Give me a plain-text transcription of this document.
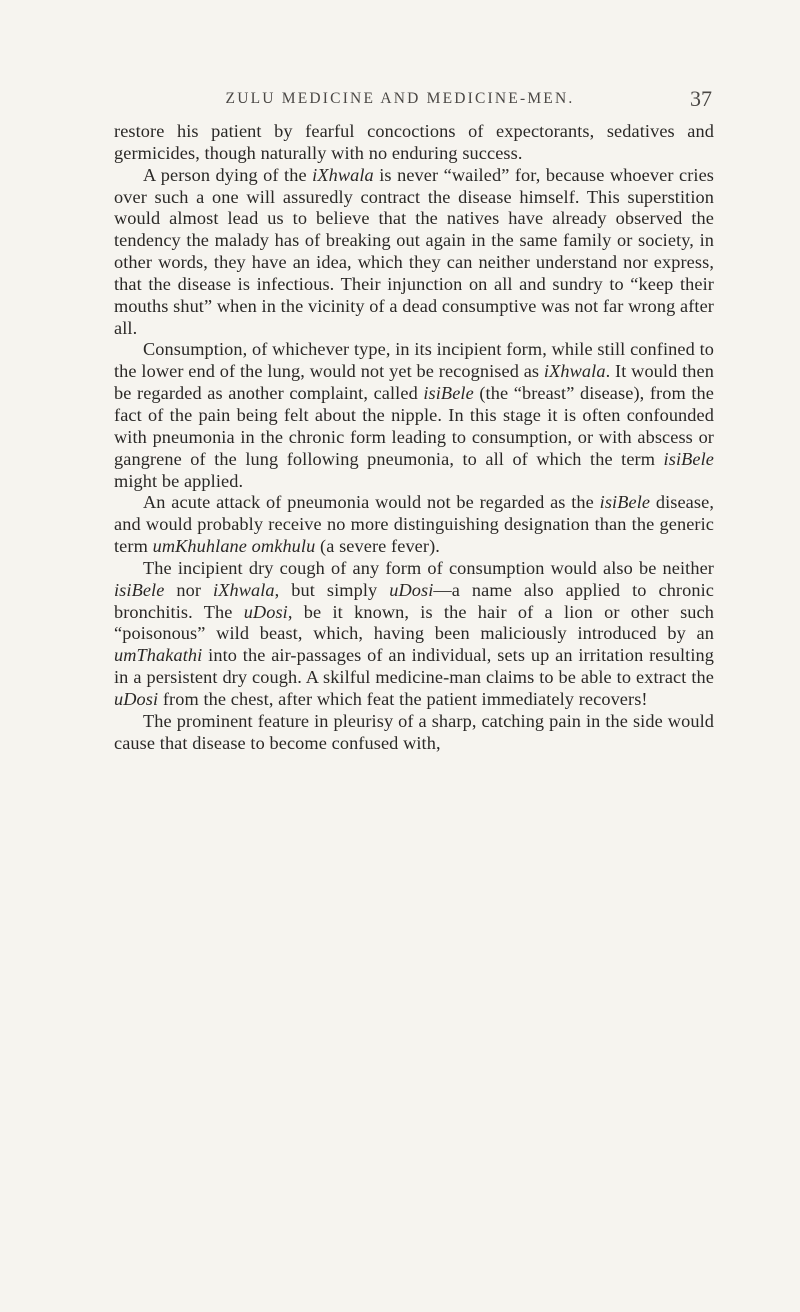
ZULU MEDICINE AND MEDICINE-MEN.	37

restore his patient by fearful concoctions of expectorants, sedatives and germicides, though naturally with no enduring success.

A person dying of the iXhwala is never “wailed” for, because whoever cries over such a one will assuredly contract the disease himself. This superstition would almost lead us to believe that the natives have already observed the tendency the malady has of breaking out again in the same family or society, in other words, they have an idea, which they can neither understand nor express, that the disease is infectious. Their injunction on all and sundry to “keep their mouths shut” when in the vicinity of a dead consumptive was not far wrong after all.

Consumption, of whichever type, in its incipient form, while still confined to the lower end of the lung, would not yet be recognised as iXhwala. It would then be regarded as another complaint, called isiBele (the “breast” disease), from the fact of the pain being felt about the nipple. In this stage it is often confounded with pneumonia in the chronic form leading to consumption, or with abscess or gangrene of the lung following pneumonia, to all of which the term isiBele might be applied.

An acute attack of pneumonia would not be regarded as the isiBele disease, and would probably receive no more distinguishing designation than the generic term umKhuhlane omkhulu (a severe fever).

The incipient dry cough of any form of consumption would also be neither isiBele nor iXhwala, but simply uDosi—a name also applied to chronic bronchitis. The uDosi, be it known, is the hair of a lion or other such “poisonous” wild beast, which, having been maliciously introduced by an umThakathi into the air-passages of an individual, sets up an irritation resulting in a persistent dry cough. A skilful medicine-man claims to be able to extract the uDosi from the chest, after which feat the patient immediately recovers!

The prominent feature in pleurisy of a sharp, catching pain in the side would cause that disease to become confused with,
